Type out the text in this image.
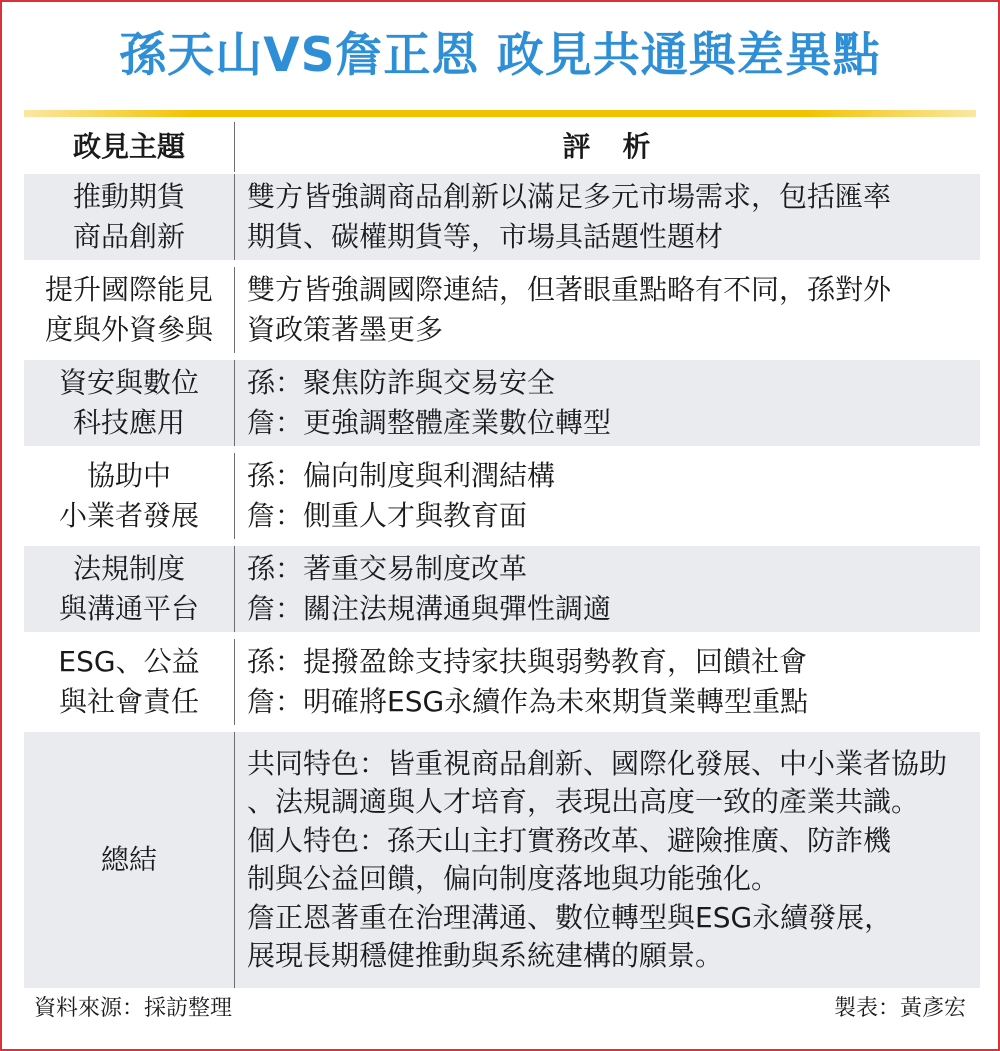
孫天山VS詹正恩 政見共通與差異點
政見主題	評　析
推動期貨
商品創新
雙方皆強調商品創新以滿足多元市場需求，包括匯率
期貨、碳權期貨等，市場具話題性題材
提升國際能見
度與外資參與
雙方皆強調國際連結，但著眼重點略有不同，孫對外
資政策著墨更多
資安與數位
科技應用
孫：聚焦防詐與交易安全
詹：更強調整體產業數位轉型
協助中
小業者發展
孫：偏向制度與利潤結構
詹：側重人才與教育面
法規制度
與溝通平台
孫：著重交易制度改革
詹：關注法規溝通與彈性調適
ESG、公益
與社會責任
孫：提撥盈餘支持家扶與弱勢教育，回饋社會
詹：明確將ESG永續作為未來期貨業轉型重點
總結
共同特色：皆重視商品創新、國際化發展、中小業者協助
、法規調適與人才培育，表現出高度一致的產業共識。
個人特色：孫天山主打實務改革、避險推廣、防詐機
制與公益回饋，偏向制度落地與功能強化。
詹正恩著重在治理溝通、數位轉型與ESG永續發展，
展現長期穩健推動與系統建構的願景。
資料來源：採訪整理	製表：黃彥宏
